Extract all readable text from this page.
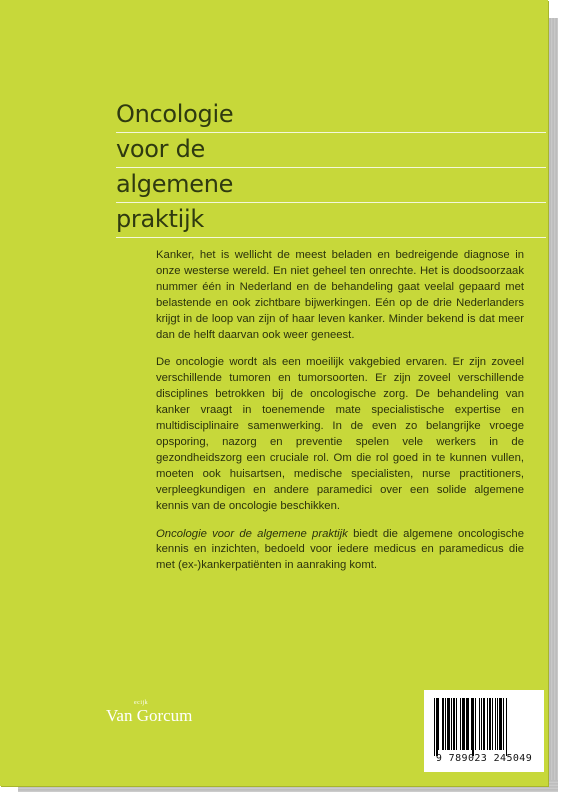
Oncologie
voor de
algemene
praktijk

Kanker, het is wellicht de meest beladen en bedreigende diagnose in onze westerse wereld. En niet geheel ten onrechte. Het is doodsoorzaak nummer één in Nederland en de behandeling gaat veelal gepaard met belastende en ook zichtbare bijwerkingen. Eén op de drie Nederlanders krijgt in de loop van zijn of haar leven kanker. Minder bekend is dat meer dan de helft daarvan ook weer geneest.

De oncologie wordt als een moeilijk vakgebied ervaren. Er zijn zoveel verschillende tumoren en tumorsoorten. Er zijn zoveel verschillende disciplines betrokken bij de oncologische zorg. De behandeling van kanker vraagt in toenemende mate specialistische expertise en multidisciplinaire samenwerking. In de even zo belangrijke vroege opsporing, nazorg en preventie spelen vele werkers in de gezondheidszorg een cruciale rol. Om die rol goed in te kunnen vullen, moeten ook huisartsen, medische specialisten, nurse practitioners, verpleegkundigen en andere paramedici over een solide algemene kennis van de oncologie beschikken.

Oncologie voor de algemene praktijk biedt die algemene oncologische kennis en inzichten, bedoeld voor iedere medicus en paramedicus die met (ex-)kankerpatiënten in aanraking komt.

ecijk
Van Gorcum
9 789023 245049
